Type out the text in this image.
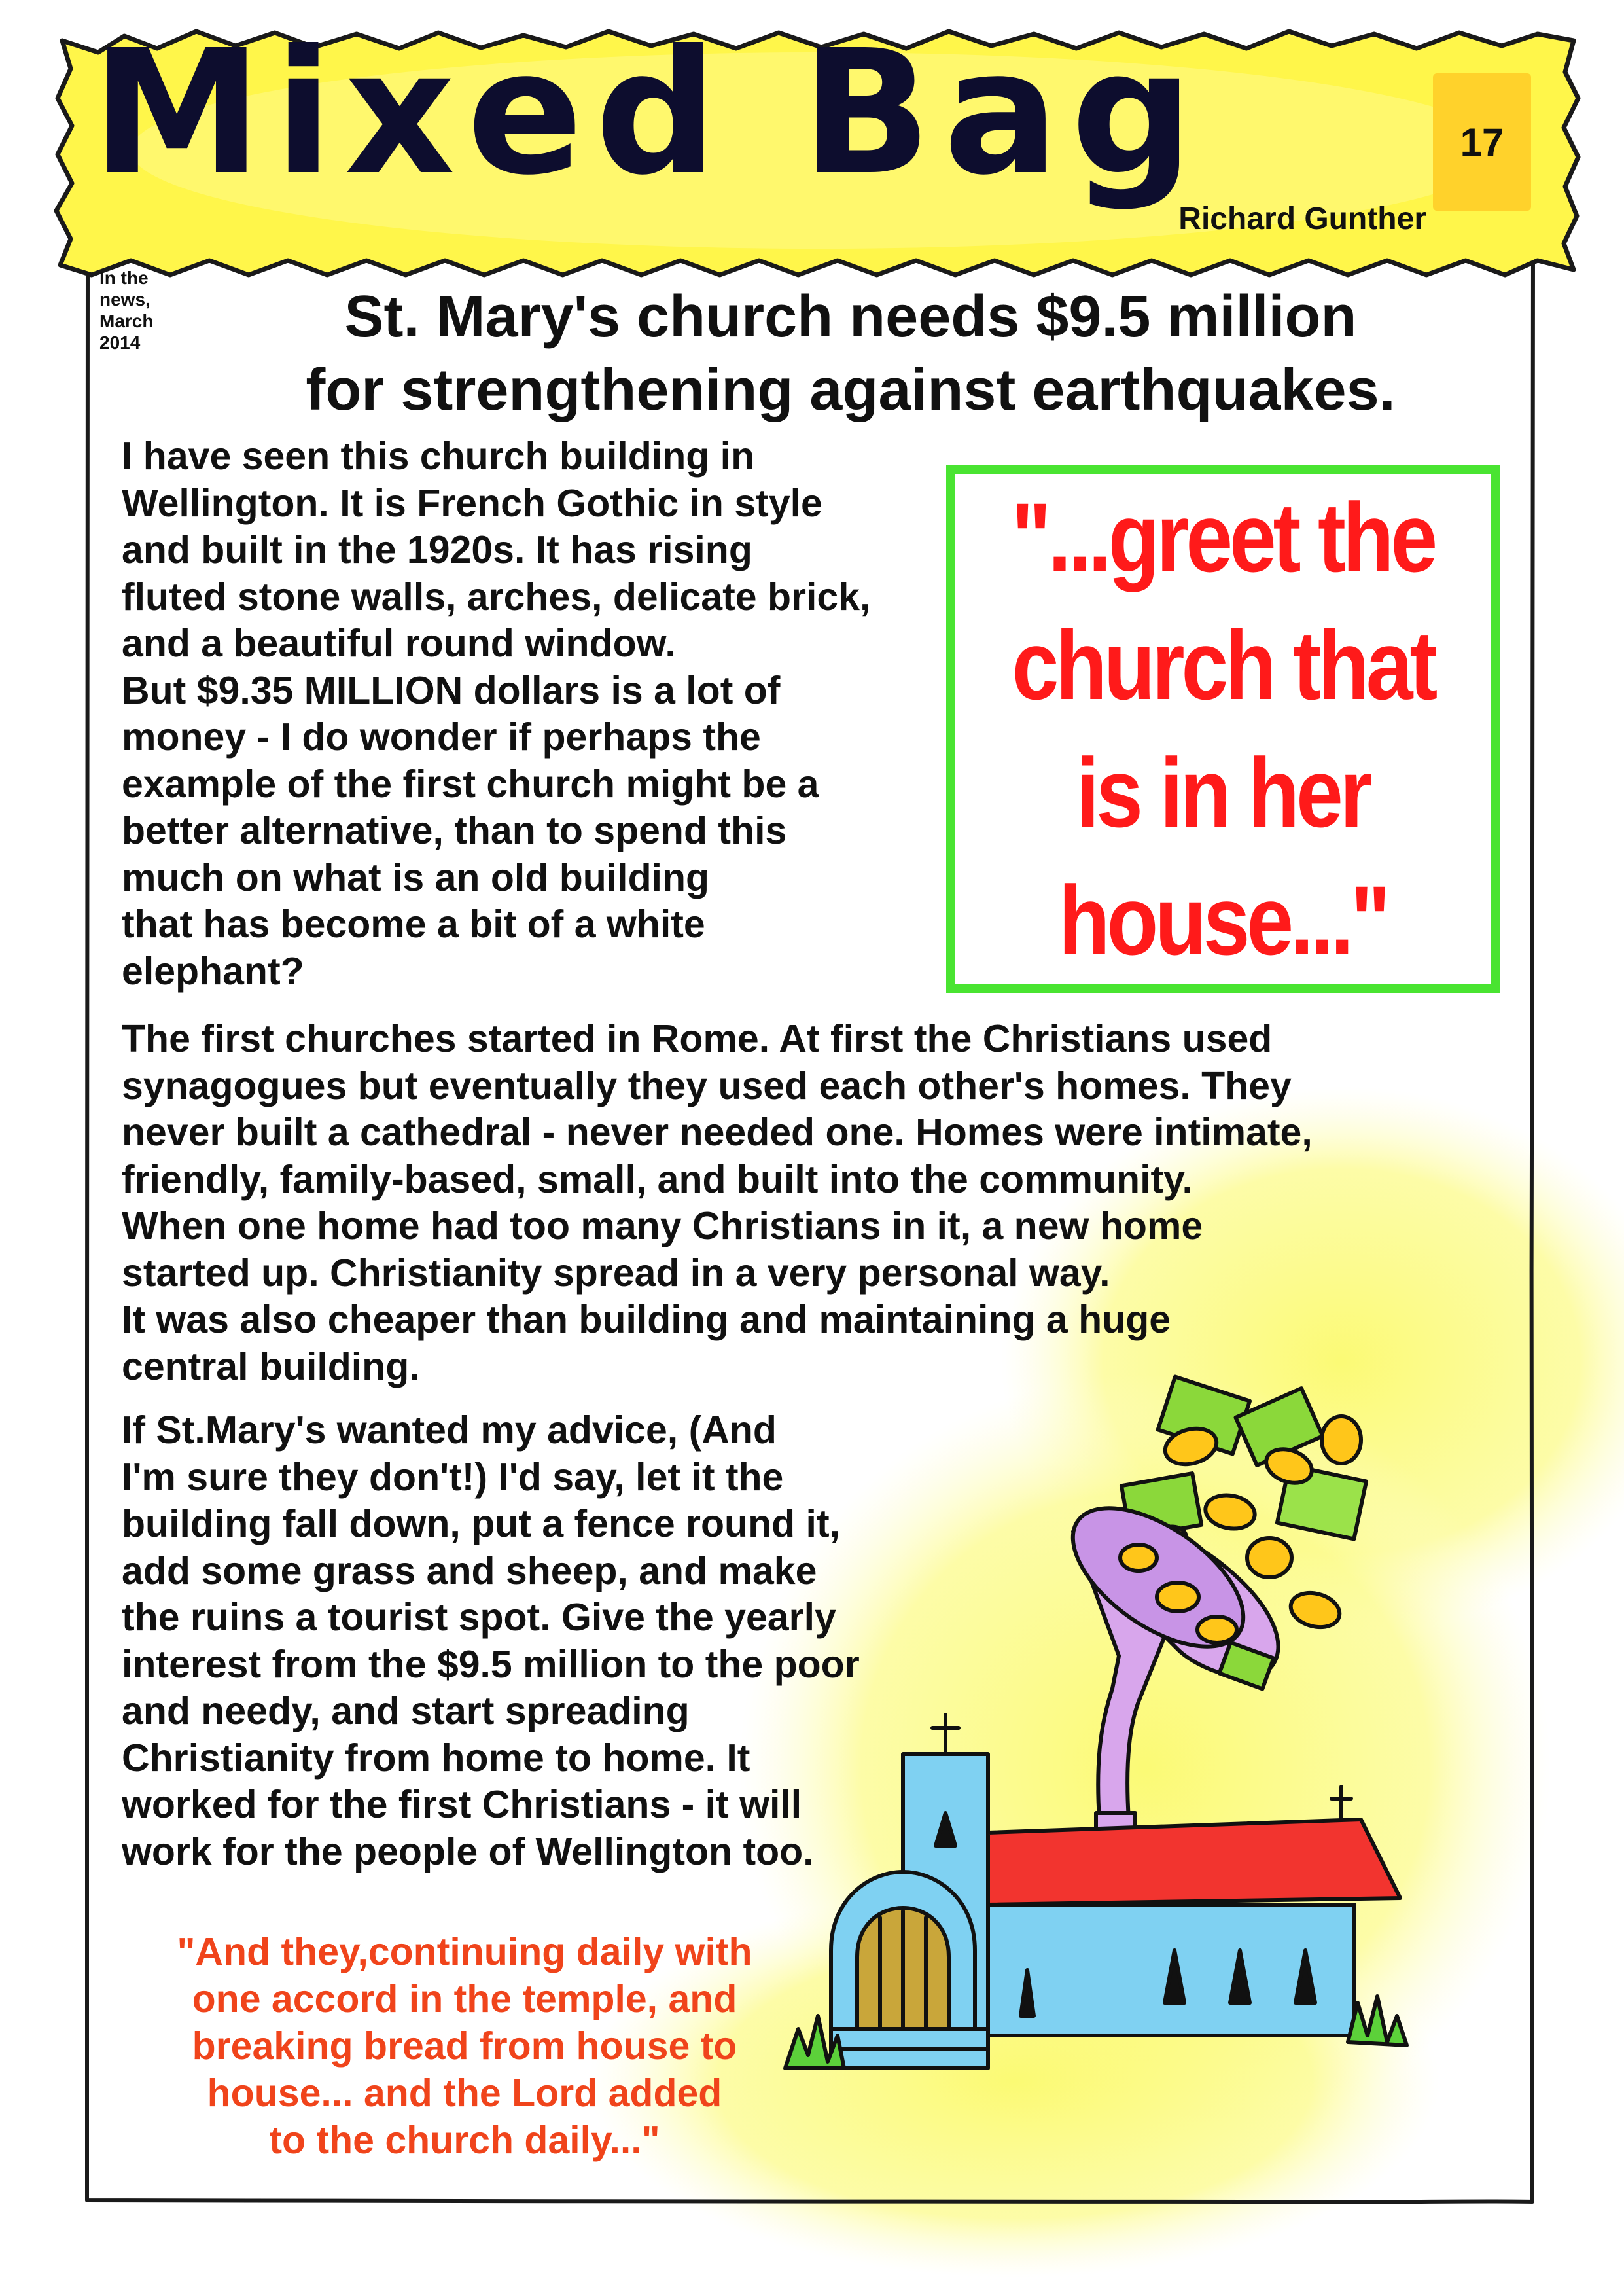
Mixed Bag	17
Richard Gunther
In the
news,
March
2014	St. Mary's church needs $9.5 million
for strengthening against earthquakes.
I have seen this church building in
Wellington. It is French Gothic in style
and built in the 1920s. It has rising
fluted stone walls, arches, delicate brick,
and a beautiful round window.
But $9.35 MILLION dollars is a lot of
money - I do wonder if perhaps the
example of the first church might be a
better alternative, than to spend this
much on what is an old building
that has become a bit of a white
elephant?
"...greet the
church that
is in her
house..."
The first churches started in Rome. At first the Christians used
synagogues but eventually they used each other's homes. They
never built a cathedral - never needed one. Homes were intimate,
friendly, family-based, small, and built into the community.
When one home had too many Christians in it, a new home
started up. Christianity spread in a very personal way.
It was also cheaper than building and maintaining a huge
central building.
If St.Mary's wanted my advice, (And
I'm sure they don't!) I'd say, let it the
building fall down, put a fence round it,
add some grass and sheep, and make
the ruins a tourist spot. Give the yearly
interest from the $9.5 million to the poor
and needy, and start spreading
Christianity from home to home. It
worked for the first Christians - it will
work for the people of Wellington too.
"And they,continuing daily with
one accord in the temple, and
breaking bread from house to
house... and the Lord added
to the church daily..."
